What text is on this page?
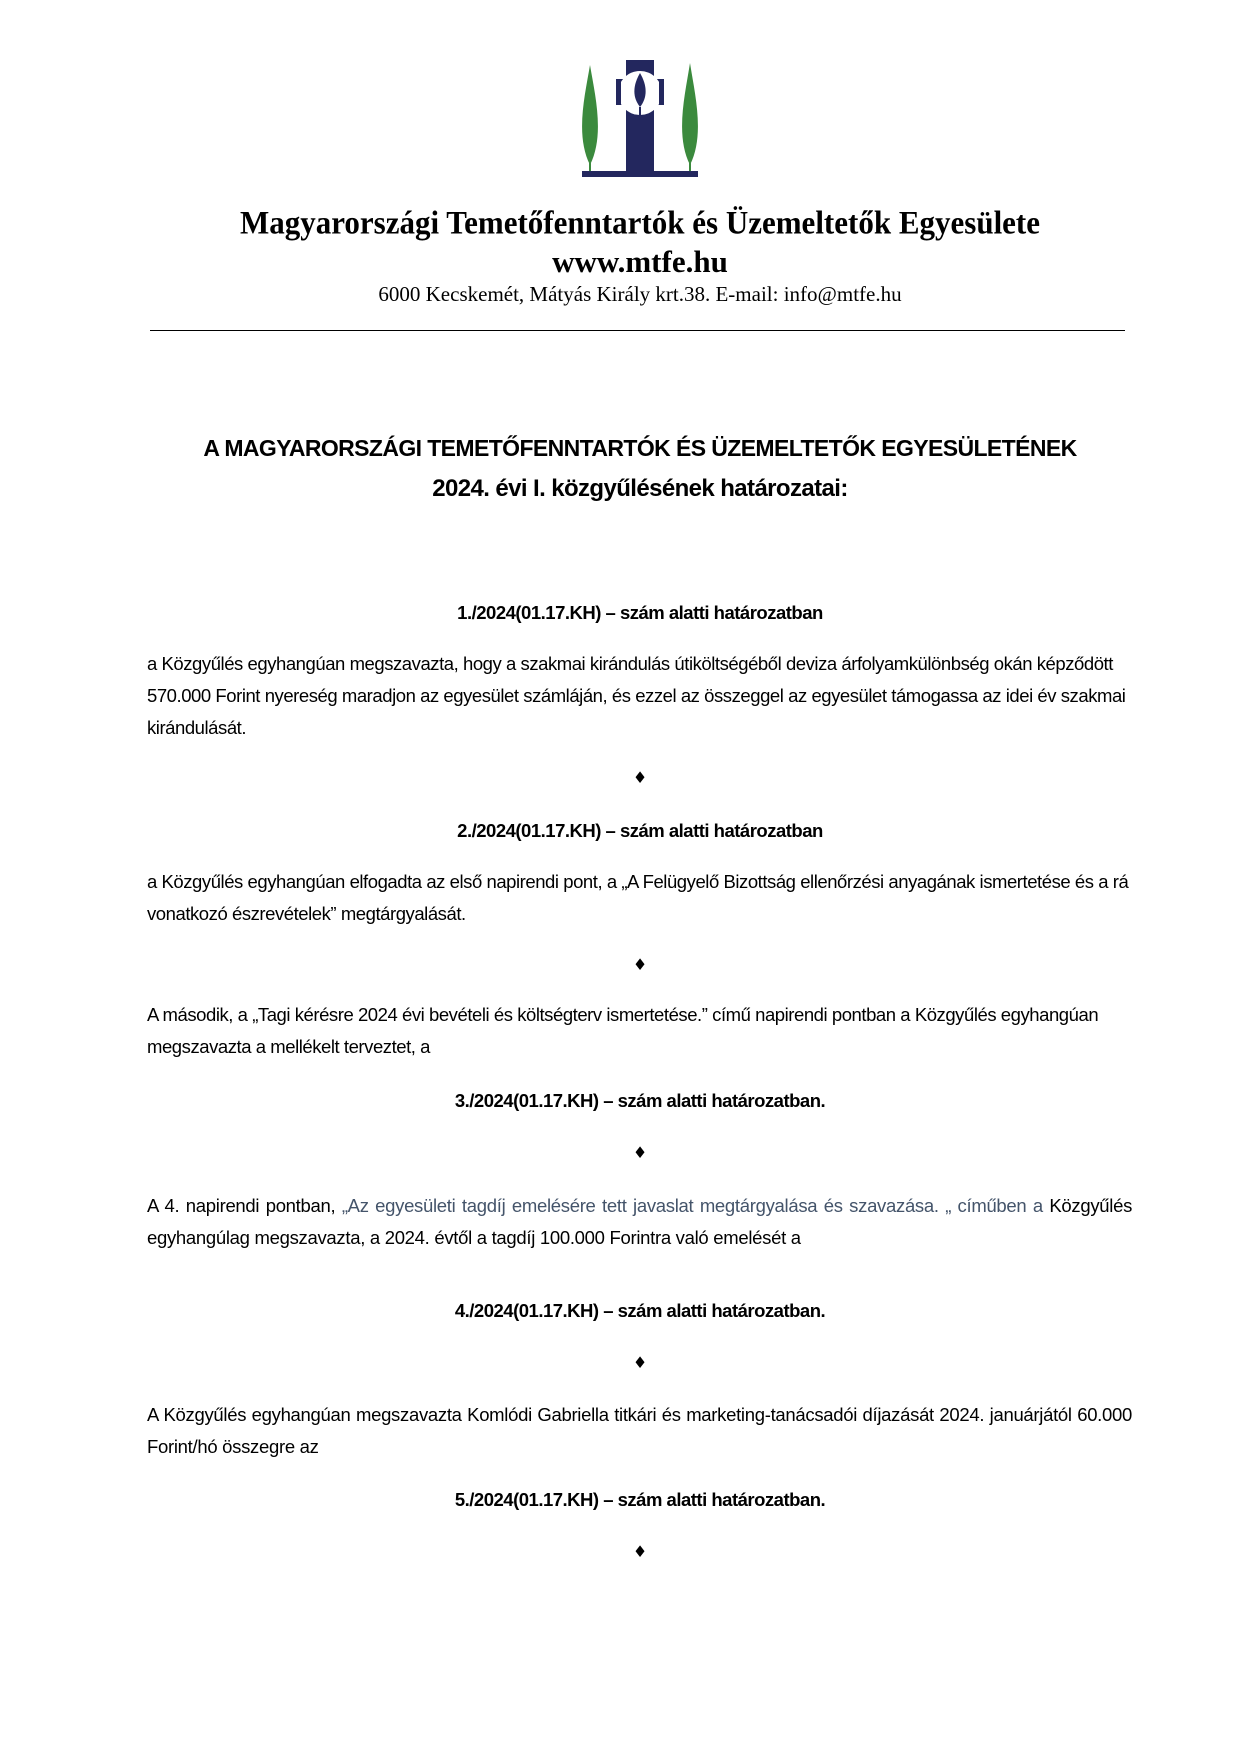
Magyarországi Temetőfenntartók és Üzemeltetők Egyesülete
www.mtfe.hu
6000 Kecskemét, Mátyás Király krt.38. E-mail: info@mtfe.hu
A MAGYARORSZÁGI TEMETŐFENNTARTÓK ÉS ÜZEMELTETŐK EGYESÜLETÉNEK
2024. évi I. közgyűlésének határozatai:
1./2024(01.17.KH) – szám alatti határozatban
a Közgyűlés egyhangúan megszavazta, hogy a szakmai kirándulás útiköltségéből deviza árfolyamkülönbség okán képződött 570.000 Forint nyereség maradjon az egyesület számláján, és ezzel az összeggel az egyesület támogassa az idei év szakmai kirándulását.
♦
2./2024(01.17.KH) – szám alatti határozatban
a Közgyűlés egyhangúan elfogadta az első napirendi pont, a „A Felügyelő Bizottság ellenőrzési anyagának ismertetése és a rá vonatkozó észrevételek” megtárgyalását.
♦
A második, a „Tagi kérésre 2024 évi bevételi és költségterv ismertetése.” című napirendi pontban a Közgyűlés egyhangúan megszavazta a mellékelt terveztet, a
3./2024(01.17.KH) – szám alatti határozatban.
♦
A 4. napirendi pontban, „Az egyesületi tagdíj emelésére tett javaslat megtárgyalása és szavazása. „ címűben a Közgyűlés egyhangúlag megszavazta, a 2024. évtől a tagdíj 100.000 Forintra való emelését a
4./2024(01.17.KH) – szám alatti határozatban.
♦
A Közgyűlés egyhangúan megszavazta Komlódi Gabriella titkári és marketing-tanácsadói díjazását 2024. januárjától 60.000 Forint/hó összegre az
5./2024(01.17.KH) – szám alatti határozatban.
♦
